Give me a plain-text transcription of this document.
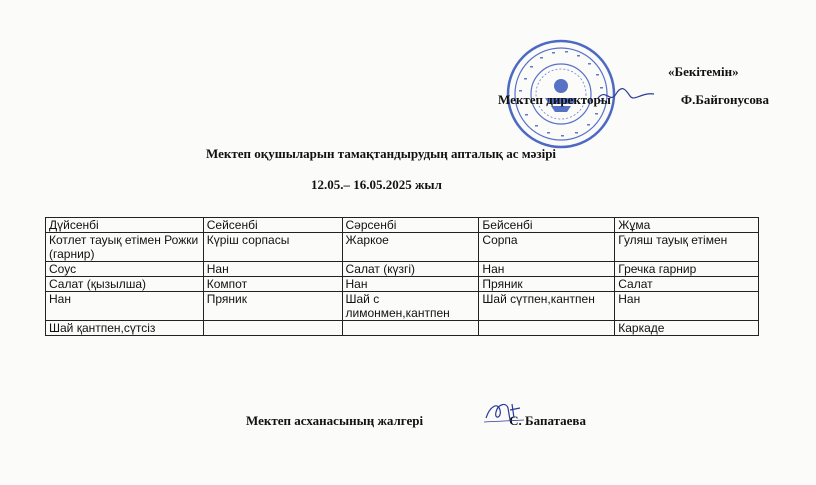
«Бекітемін»
Мектеп директоры	Ф.Байгонусова
Мектеп оқушыларын тамақтандырудың апталық ас мәзірі
12.05.– 16.05.2025 жыл
Дүйсенбі	Сейсенбі	Сәрсенбі	Бейсенбі	Жұма
Котлет тауық етімен Рожки (гарнир)	Күріш сорпасы	Жаркое	Сорпа	Гуляш тауық етімен
Соус	Нан	Салат (күзгі)	Нан	Гречка гарнир
Салат (қызылша)	Компот	Нан	Пряник	Салат
Нан	Пряник	Шай с лимонмен,кантпен	Шай сүтпен,кантпен	Нан
Шай қантпен,сүтсіз				Каркаде
Мектеп асханасының жалгері	С. Бапатаева
